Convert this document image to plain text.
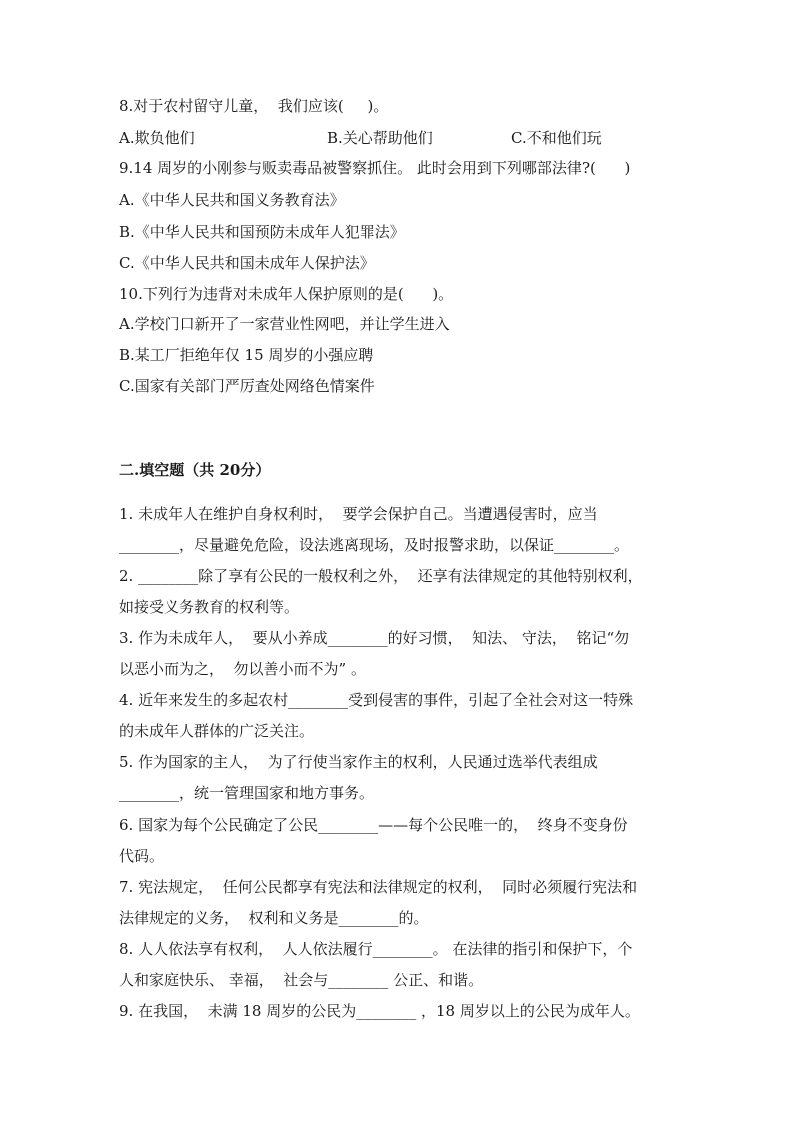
8.对于农村留守儿童，  我们应该(     )。
A.欺负他们	B.关心帮助他们	C.不和他们玩
9.14 周岁的小刚参与贩卖毒品被警察抓住。 此时会用到下列哪部法律?(      )
A.《中华人民共和国义务教育法》
B.《中华人民共和国预防未成年人犯罪法》
C.《中华人民共和国未成年人保护法》
10.下列行为违背对未成年人保护原则的是(      )。
A.学校门口新开了一家营业性网吧，并让学生进入
B.某工厂拒绝年仅 15 周岁的小强应聘
C.国家有关部门严厉查处网络色情案件
二.填空题（共 20分）
1. 未成年人在维护自身权利时，  要学会保护自己。当遭遇侵害时，应当
________，尽量避免危险，设法逃离现场，及时报警求助，以保证________。
2. ________除了享有公民的一般权利之外，  还享有法律规定的其他特别权利，
如接受义务教育的权利等。
3. 作为未成年人，  要从小养成________的好习惯，  知法、 守法，  铭记“勿
以恶小而为之，  勿以善小而不为” 。
4. 近年来发生的多起农村________受到侵害的事件，引起了全社会对这一特殊
的未成年人群体的广泛关注。
5. 作为国家的主人，  为了行使当家作主的权利，人民通过选举代表组成
________，统一管理国家和地方事务。
6. 国家为每个公民确定了公民________——每个公民唯一的，  终身不变身份
代码。
7. 宪法规定，  任何公民都享有宪法和法律规定的权利，  同时必须履行宪法和
法律规定的义务，  权利和义务是________的。
8. 人人依法享有权利，  人人依法履行________。 在法律的指引和保护下，个
人和家庭快乐、 幸福，  社会与________ 公正、和谐。
9. 在我国，  未满 18 周岁的公民为________ ，18 周岁以上的公民为成年人。
